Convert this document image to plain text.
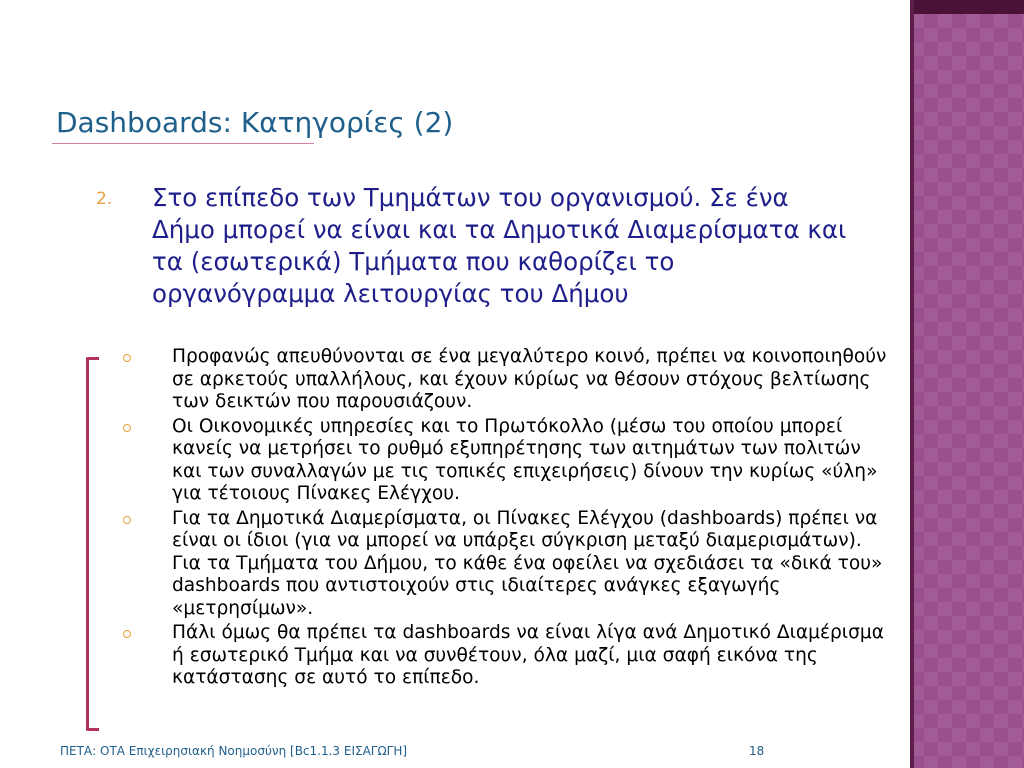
Dashboards: Κατηγορίες (2)
2. Στο επίπεδο των Τμημάτων του οργανισμού. Σε ένα Δήμο μπορεί να είναι και τα Δημοτικά Διαμερίσματα και τα (εσωτερικά) Τμήματα που καθορίζει το οργανόγραμμα λειτουργίας του Δήμου
Προφανώς απευθύνονται σε ένα μεγαλύτερο κοινό, πρέπει να κοινοποιηθούν σε αρκετούς υπαλλήλους, και έχουν κύρίως να θέσουν στόχους βελτίωσης των δεικτών που παρουσιάζουν.
Οι Οικονομικές υπηρεσίες και το Πρωτόκολλο (μέσω του οποίου μπορεί κανείς να μετρήσει το ρυθμό εξυπηρέτησης των αιτημάτων των πολιτών και των συναλλαγών με τις τοπικές επιχειρήσεις) δίνουν την κυρίως «ύλη» για τέτοιους Πίνακες Ελέγχου.
Για τα Δημοτικά Διαμερίσματα, οι Πίνακες Ελέγχου (dashboards) πρέπει να είναι οι ίδιοι (για να μπορεί να υπάρξει σύγκριση μεταξύ διαμερισμάτων). Για τα Τμήματα του Δήμου, το κάθε ένα οφείλει να σχεδιάσει τα «δικά του» dashboards που αντιστοιχούν στις ιδιαίτερες ανάγκες εξαγωγής «μετρησίμων».
Πάλι όμως θα πρέπει τα dashboards να είναι λίγα ανά Δημοτικό Διαμέρισμα ή εσωτερικό Τμήμα και να συνθέτουν, όλα μαζί, μια σαφή εικόνα της κατάστασης σε αυτό το επίπεδο.
ΠΕΤΑ: ΟΤΑ Επιχειρησιακή Νοημοσύνη [Bc1.1.3 ΕΙΣΑΓΩΓΗ]	18
